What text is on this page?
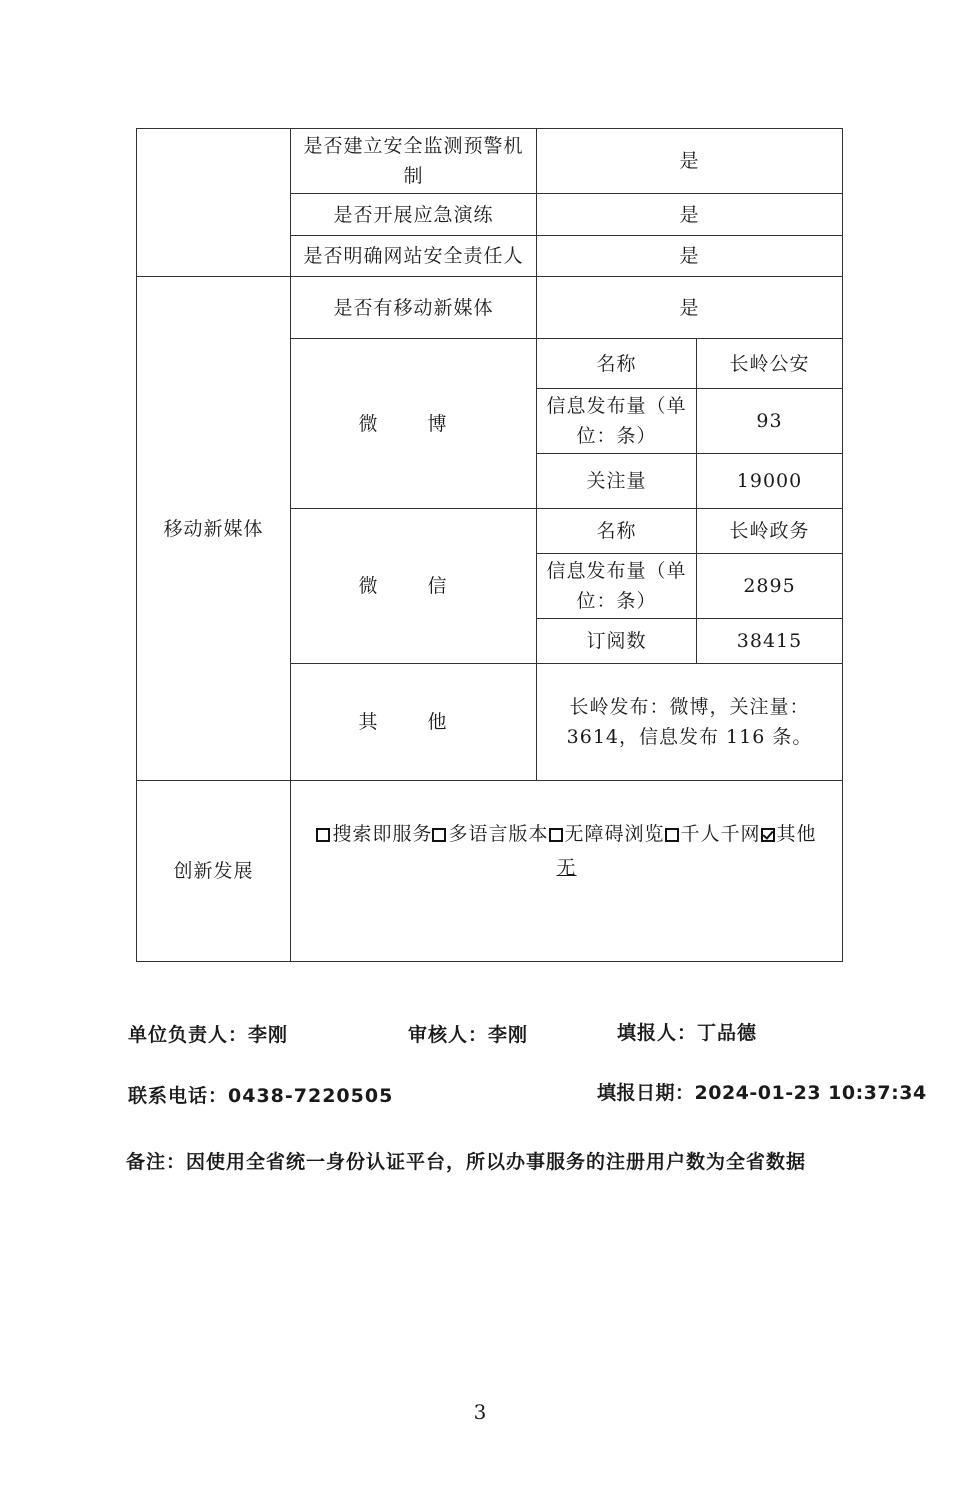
	是否建立安全监测预警机制	是	
	是否开展应急演练	是	
	是否明确网站安全责任人	是	
移动新媒体	是否有移动新媒体	是	
	微 博	名称	长岭公安
		信息发布量（单位：条）	93
		关注量	19000
	微 信	名称	长岭政务
		信息发布量（单位：条）	2895
		订阅数	38415
	其 他	长岭发布：微博，关注量：3614，信息发布 116 条。	
创新发展	搜索即服务 多语言版本 无障碍浏览 千人千网 其他
无		
单位负责人：李刚	审核人：李刚	填报人：丁品德
联系电话：0438-7220505	填报日期：2024-01-23 10:37:34
备注：因使用全省统一身份认证平台，所以办事服务的注册用户数为全省数据
3
